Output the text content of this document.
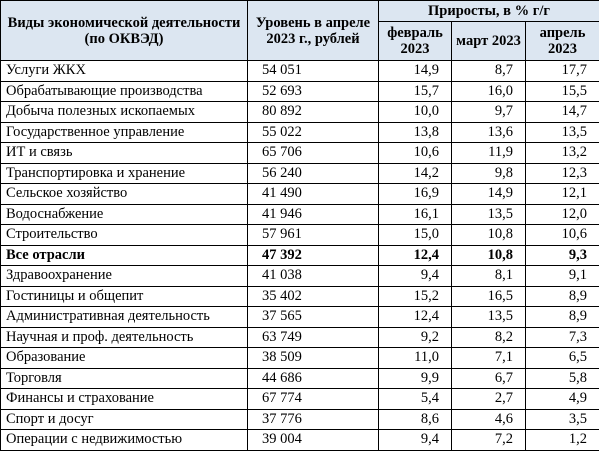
Виды экономической деятельности (по ОКВЭД)	Уровень в апреле 2023 г., рублей	Приросты, в % г/г		
		февраль 2023	март 2023	апрель 2023
Услуги ЖКХ	54 051	14,9	8,7	17,7
Обрабатывающие производства	52 693	15,7	16,0	15,5
Добыча полезных ископаемых	80 892	10,0	9,7	14,7
Государственное управление	55 022	13,8	13,6	13,5
ИТ и связь	65 706	10,6	11,9	13,2
Транспортировка и хранение	56 240	14,2	9,8	12,3
Сельское хозяйство	41 490	16,9	14,9	12,1
Водоснабжение	41 946	16,1	13,5	12,0
Строительство	57 961	15,0	10,8	10,6
Все отрасли	47 392	12,4	10,8	9,3
Здравоохранение	41 038	9,4	8,1	9,1
Гостиницы и общепит	35 402	15,2	16,5	8,9
Административная деятельность	37 565	12,4	13,5	8,9
Научная и проф. деятельность	63 749	9,2	8,2	7,3
Образование	38 509	11,0	7,1	6,5
Торговля	44 686	9,9	6,7	5,8
Финансы и страхование	67 774	5,4	2,7	4,9
Спорт и досуг	37 776	8,6	4,6	3,5
Операции с недвижимостью	39 004	9,4	7,2	1,2
